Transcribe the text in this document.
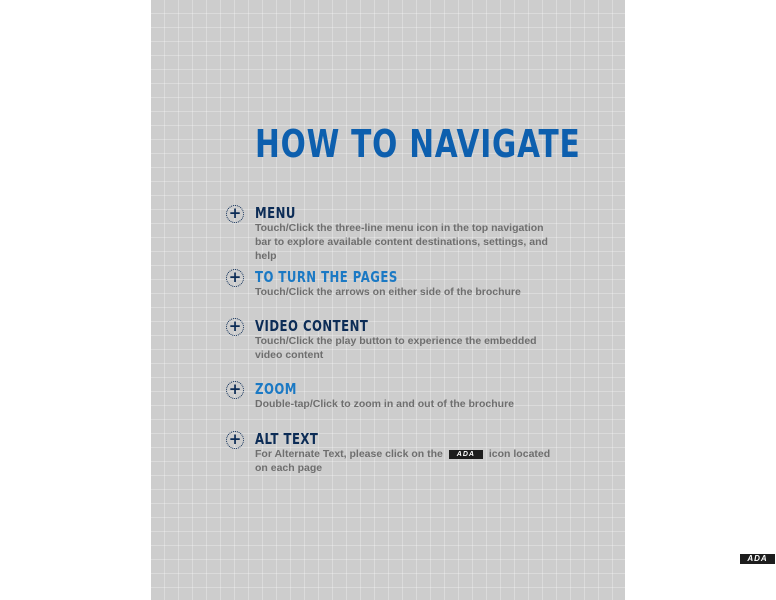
HOW TO NAVIGATE
+ MENU

Touch/Click the three-line menu icon in the top navigation bar to explore available content destinations, settings, and help

+ TO TURN THE PAGES

Touch/Click the arrows on either side of the brochure

+ VIDEO CONTENT

Touch/Click the play button to experience the embedded video content

+ ZOOM

Double-tap/Click to zoom in and out of the brochure

+ ALT TEXT

For Alternate Text, please click on the ADA icon located on each page

ADA
